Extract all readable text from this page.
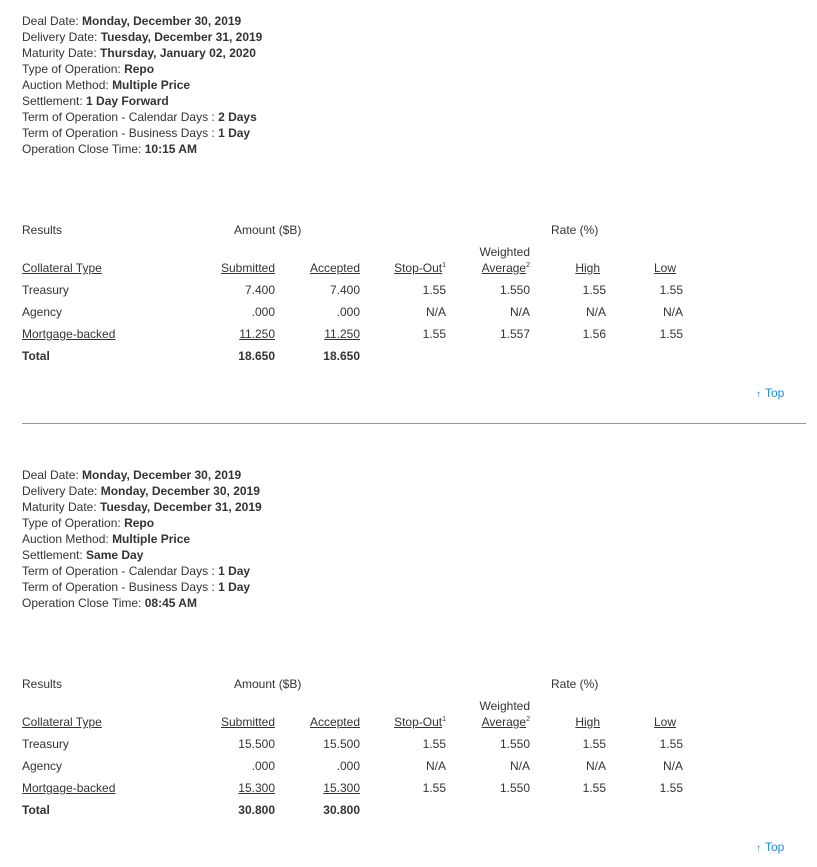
Deal Date: Monday, December 30, 2019
Delivery Date: Tuesday, December 31, 2019
Maturity Date: Thursday, January 02, 2020
Type of Operation: Repo
Auction Method: Multiple Price
Settlement: 1 Day Forward
Term of Operation - Calendar Days : 2 Days
Term of Operation - Business Days : 1 Day
Operation Close Time: 10:15 AM
Results	Amount ($B)	Rate (%)
Weighted
Collateral Type	Submitted	Accepted	Stop-Out$^1$	Average$^2$	High	Low
Treasury	7.400	7.400	1.55	1.550	1.55	1.55
Agency	.000	.000	N/A	N/A	N/A	N/A
Mortgage-backed	11.250	11.250	1.55	1.557	1.56	1.55
Total	18.650	18.650
↑ Top
Deal Date: Monday, December 30, 2019
Delivery Date: Monday, December 30, 2019
Maturity Date: Tuesday, December 31, 2019
Type of Operation: Repo
Auction Method: Multiple Price
Settlement: Same Day
Term of Operation - Calendar Days : 1 Day
Term of Operation - Business Days : 1 Day
Operation Close Time: 08:45 AM
Results	Amount ($B)	Rate (%)
Weighted
Collateral Type	Submitted	Accepted	Stop-Out$^1$	Average$^2$	High	Low
Treasury	15.500	15.500	1.55	1.550	1.55	1.55
Agency	.000	.000	N/A	N/A	N/A	N/A
Mortgage-backed	15.300	15.300	1.55	1.550	1.55	1.55
Total	30.800	30.800
↑ Top
